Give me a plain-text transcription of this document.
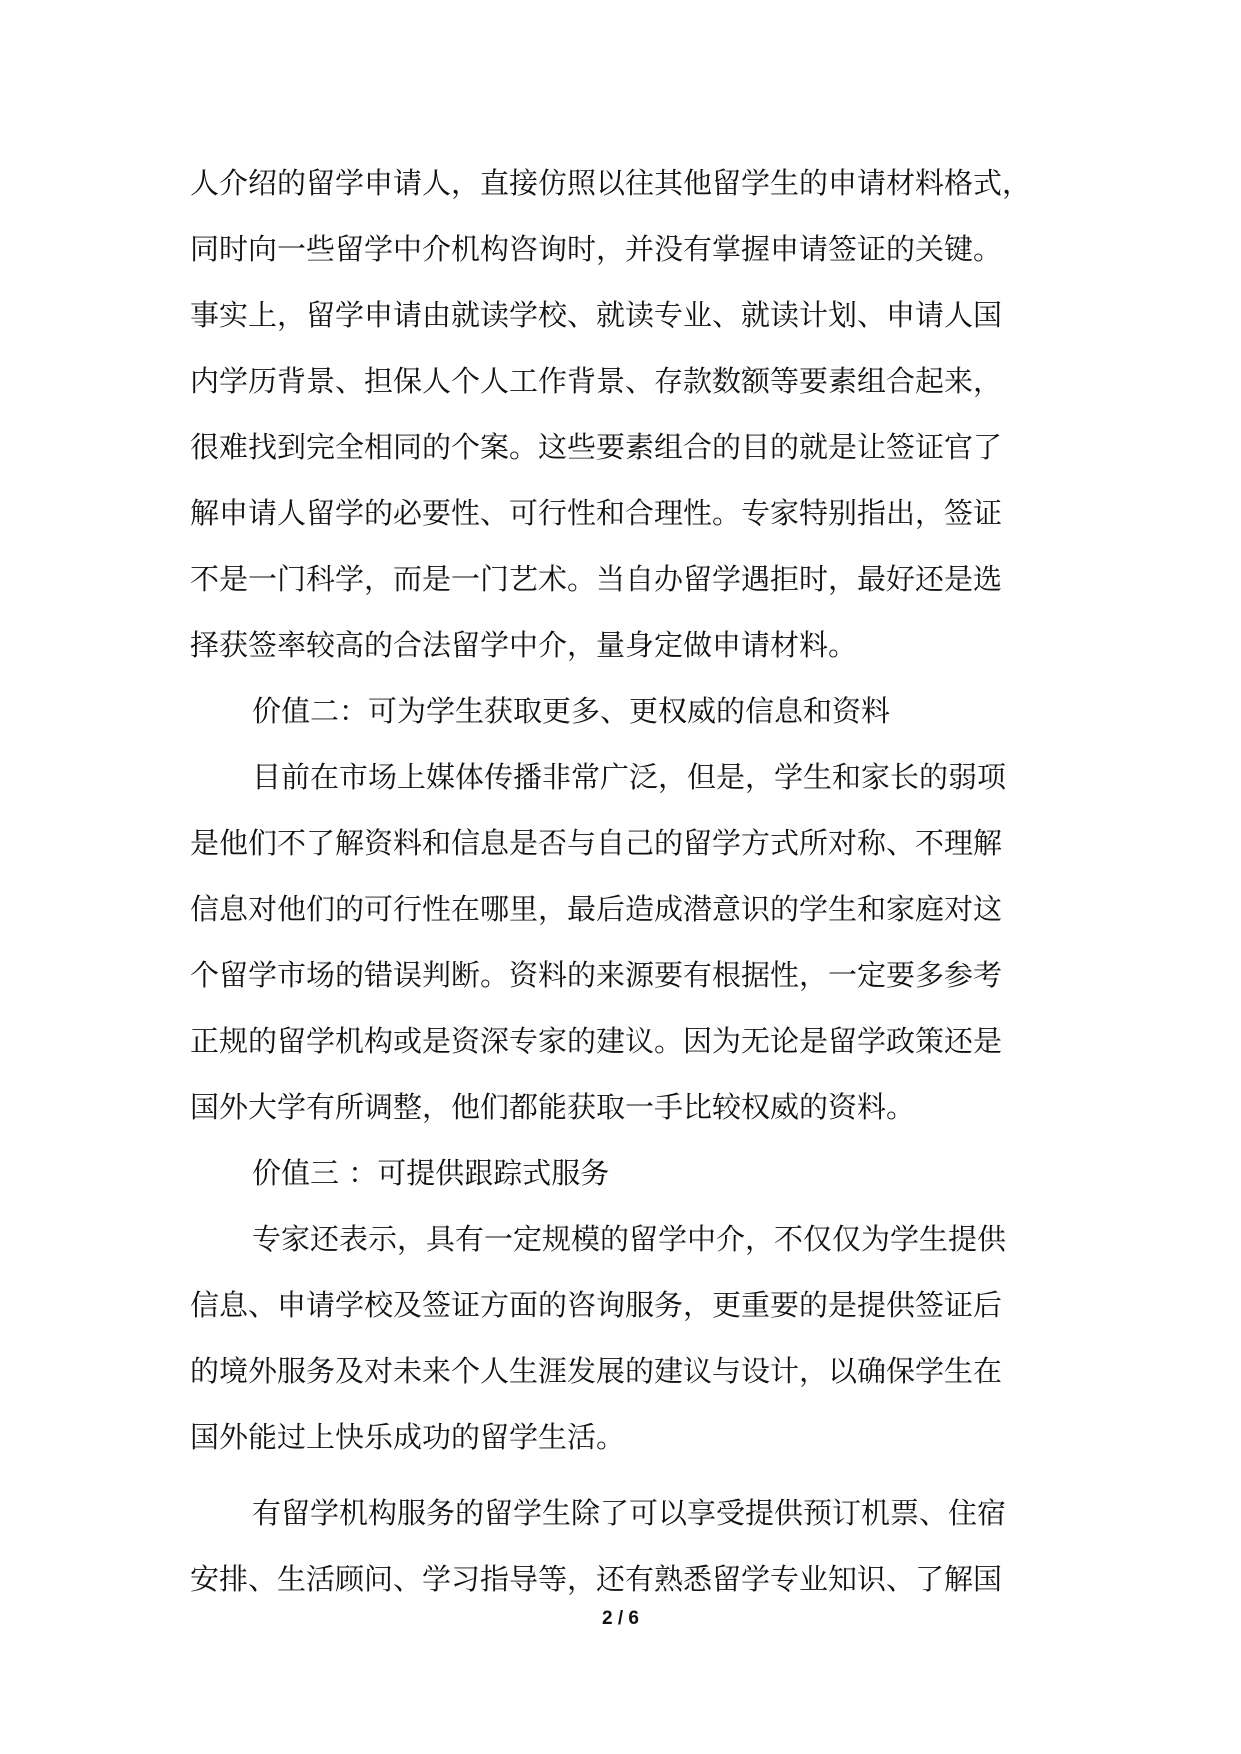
人介绍的留学申请人，直接仿照以往其他留学生的申请材料格式，
同时向一些留学中介机构咨询时，并没有掌握申请签证的关键。
事实上，留学申请由就读学校、就读专业、就读计划、申请人国
内学历背景、担保人个人工作背景、存款数额等要素组合起来，
很难找到完全相同的个案。这些要素组合的目的就是让签证官了
解申请人留学的必要性、可行性和合理性。专家特别指出，签证
不是一门科学，而是一门艺术。当自办留学遇拒时，最好还是选
择获签率较高的合法留学中介，量身定做申请材料。
价值二：可为学生获取更多、更权威的信息和资料
目前在市场上媒体传播非常广泛，但是，学生和家长的弱项
是他们不了解资料和信息是否与自己的留学方式所对称、不理解
信息对他们的可行性在哪里，最后造成潜意识的学生和家庭对这
个留学市场的错误判断。资料的来源要有根据性，一定要多参考
正规的留学机构或是资深专家的建议。因为无论是留学政策还是
国外大学有所调整，他们都能获取一手比较权威的资料。
价值三 ：可提供跟踪式服务
专家还表示，具有一定规模的留学中介，不仅仅为学生提供
信息、申请学校及签证方面的咨询服务，更重要的是提供签证后
的境外服务及对未来个人生涯发展的建议与设计，以确保学生在
国外能过上快乐成功的留学生活。
有留学机构服务的留学生除了可以享受提供预订机票、住宿
安排、生活顾问、学习指导等，还有熟悉留学专业知识、了解国
2 / 6
